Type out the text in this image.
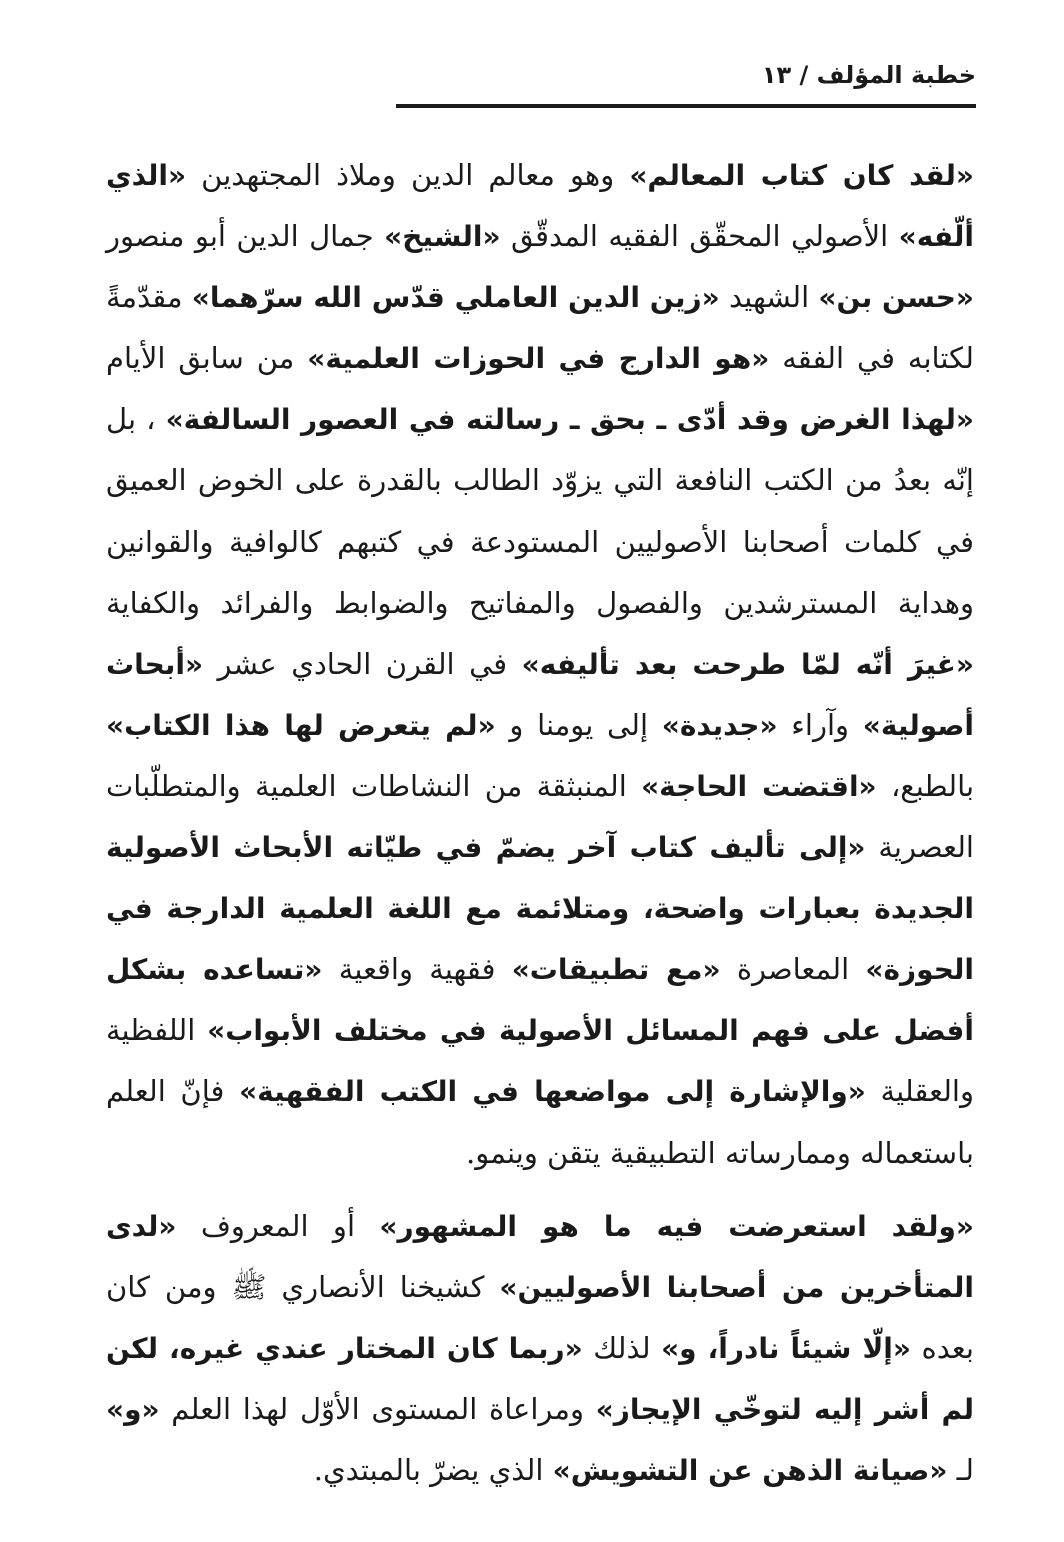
خطبة المؤلف / ١٣

«لقد كان كتاب المعالم» وهو معالم الدين وملاذ المجتهدين «الذي ألّفه» الأصولي المحقّق الفقيه المدقّق «الشيخ» جمال الدين أبو منصور «حسن بن» الشهيد «زين الدين العاملي قدّس الله سرّهما» مقدّمةً لكتابه في الفقه «هو الدارج في الحوزات العلمية» من سابق الأيام «لهذا الغرض وقد أدّى ـ بحق ـ رسالته في العصور السالفة» ، بل إنّه بعدُ من الكتب النافعة التي يزوّد الطالب بالقدرة على الخوض العميق في كلمات أصحابنا الأصوليين المستودعة في كتبهم كالوافية والقوانين وهداية المسترشدين والفصول والمفاتيح والضوابط والفرائد والكفاية «غيرَ أنّه لمّا طرحت بعد تأليفه» في القرن الحادي عشر «أبحاث أصولية» وآراء «جديدة» إلى يومنا و «لم يتعرض لها هذا الكتاب» بالطبع، «اقتضت الحاجة» المنبثقة من النشاطات العلمية والمتطلّبات العصرية «إلى تأليف كتاب آخر يضمّ في طيّاته الأبحاث الأصولية الجديدة بعبارات واضحة، ومتلائمة مع اللغة العلمية الدارجة في الحوزة» المعاصرة «مع تطبيقات» فقهية واقعية «تساعده بشكل أفضل على فهم المسائل الأصولية في مختلف الأبواب» اللفظية والعقلية «والإشارة إلى مواضعها في الكتب الفقهية» فإنّ العلم باستعماله وممارساته التطبيقية يتقن وينمو.

«ولقد استعرضت فيه ما هو المشهور» أو المعروف «لدى المتأخرين من أصحابنا الأصوليين» كشيخنا الأنصاري ﷺ ومن كان بعده «إلّا شيئاً نادراً، و» لذلك «ربما كان المختار عندي غيره، لكن لم أشر إليه لتوخّي الإيجاز» ومراعاة المستوى الأوّل لهذا العلم «و» لـ «صيانة الذهن عن التشويش» الذي يضرّ بالمبتدي.
